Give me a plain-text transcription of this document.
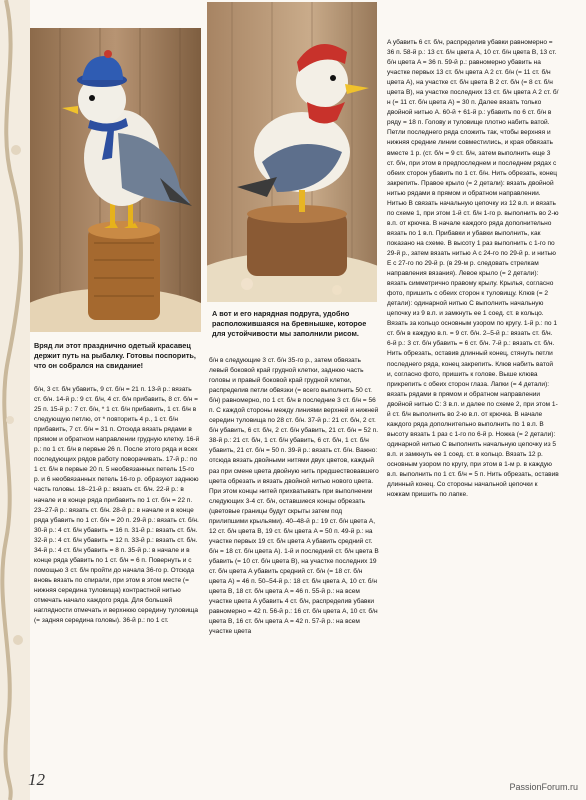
Вряд ли этот празднично одетый красавец держит путь на рыбалку. Готовы поспорить, что он собрался на свидание!
А вот и его нарядная подруга, удобно расположившаяся на бревнышке, которое для устойчивости мы заполнили рисом.
б/н, 3 ст. б/н убавить, 9 ст. б/н = 21 п. 13-й р.: вязать ст. б/н. 14-й р.: 9 ст. б/н, 4 ст. б/н прибавить, 8 ст. б/н = 25 п. 15-й р.: 7 ст. б/н, * 1 ст. б/н прибавить, 1 ст. б/н в следующую петлю, от * повторить 4 р., 1 ст. б/н прибавить, 7 ст. б/н = 31 п. Отсюда вязать рядами в прямом и обратном направлении грудную клетку. 16-й р.: по 1 ст. б/н в первые 26 п. После этого ряда и всех последующих рядов работу поворачивать. 17-й р.: по 1 ст. б/н в первые 20 п. 5 необвязанных петель 15-го р. и 6 необвязанных петель 16-го р. образуют заднюю часть головы. 18–21-й р.: вязать ст. б/н. 22-й р.: в начале и в конце ряда прибавить по 1 ст. б/н = 22 п. 23–27-й р.: вязать ст. б/н. 28-й р.: в начале и в конце ряда убавить по 1 ст. б/н = 20 п. 29-й р.: вязать ст. б/н. 30-й р.: 4 ст. б/н убавить = 16 п. 31-й р.: вязать ст. б/н. 32-й р.: 4 ст. б/н убавить = 12 п. 33-й р.: вязать ст. б/н. 34-й р.: 4 ст. б/н убавить = 8 п. 35-й р.: в начале и в конце ряда убавить по 1 ст. б/н = 6 п. Повернуть и с помощью 3 ст. б/н пройти до начала 36-го р. Отсюда вновь вязать по спирали, при этом в этом месте (= нижняя середина туловища) контрастной нитью отмечать начало каждого ряда. Для большей наглядности отмечать и верхнюю середину туловища (= задняя середина головы). 36-й р.: по 1 ст.
б/н в следующие 3 ст. б/н 35-го р., затем обвязать левый боковой край грудной клетки, заднюю часть головы и правый боковой край грудной клетки, распределив петли обвязки (= всего выполнить 50 ст. б/н) равномерно, по 1 ст. б/н в последние 3 ст. б/н = 56 п. С каждой стороны между линиями верхней и нижней середин туловища по 28 ст. б/н. 37-й р.: 21 ст. б/н, 2 ст. б/н убавить, 6 ст. б/н, 2 ст. б/н убавить, 21 ст. б/н = 52 п. 38-й р.: 21 ст. б/н, 1 ст. б/н убавить, 6 ст. б/н, 1 ст. б/н убавить, 21 ст. б/н = 50 п. 39-й р.: вязать ст. б/н. Важно: отсюда вязать двойными нитями двух цветов, каждый раз при смене цвета двойную нить предшествовавшего цвета обрезать и вязать двойной нитью нового цвета. При этом концы нитей прихватывать при выполнении следующих 3-4 ст. б/н, оставшиеся концы обрезать (цветовые границы будут скрыты затем под прилипшими крыльями). 40–48-й р.: 19 ст. б/н цвета A, 12 ст. б/н цвета B, 19 ст. б/н цвета A = 50 п. 49-й р.: на участке первых 19 ст. б/н цвета A убавить средний ст. б/н = 18 ст. б/н цвета A). 1-й и последний ст. б/н цвета B убавить (= 10 ст. б/н цвета B), на участке последних 19 ст. б/н цвета A убавить средний ст. б/н (= 18 ст. б/н цвета A) = 46 п. 50–54-й р.: 18 ст. б/н цвета A, 10 ст. б/н цвета B, 18 ст. б/н цвета A = 46 п. 55-й р.: на всем участке цвета A убавить 4 ст. б/н, распределив убавки равномерно = 42 п. 56-й р.: 16 ст. б/н цвета A, 10 ст. б/н цвета B, 16 ст. б/н цвета A = 42 п. 57-й р.: на всем участке цвета
A убавить 6 ст. б/н, распределив убавки равномерно = 36 п. 58-й р.: 13 ст. б/н цвета A, 10 ст. б/н цвета B, 13 ст. б/н цвета A = 36 п. 59-й р.: равномерно убавить на участке первых 13 ст. б/н цвета A 2 ст. б/н (= 11 ст. б/н цвета A), на участке ст. б/н цвета B 2 ст. б/н (= 8 ст. б/н цвета B), на участке последних 13 ст. б/н цвета A 2 ст. б/н (= 11 ст. б/н цвета A) = 30 п. Далее вязать только двойной нитью A. 60-й + 61-й р.: убавить по 6 ст. б/н в ряду = 18 п. Голову и туловище плотно набить ватой. Петли последнего ряда сложить так, чтобы верхняя и нижняя средние линии совместились, и края обвязать вместе 1 р. (ст. б/н = 9 ст. б/н, затем выполнить еще 3 ст. б/н, при этом в предпоследнем и последнем рядах с обеих сторон убавить по 1 ст. б/н. Нить обрезать, конец закрепить. Правое крыло (= 2 детали): вязать двойной нитью рядами в прямом и обратном направлении. Нитью B связать начальную цепочку из 12 в.п. и вязать по схеме 1, при этом 1-й ст. б/н 1-го р. выполнить во 2-ю в.п. от крючка. В начале каждого ряда дополнительно вязать по 1 в.п. Прибавки и убавки выполнить, как показано на схеме. В высоту 1 раз выполнить с 1-го по 29-й р., затем вязать нитью A с 24-го по 29-й р. и нитью E с 27-го по 29-й р. (в 29-м р. следовать стрелкам направления вязания). Левое крыло (= 2 детали): вязать симметрично правому крылу. Крылья, согласно фото, пришить с обеих сторон к туловищу. Клюв (= 2 детали): одинарной нитью C выполнить начальную цепочку из 9 в.п. и замкнуть ее 1 соед. ст. в кольцо. Вязать за кольцо основным узором по кругу. 1-й р.: по 1 ст. б/н в каждую в.п. = 9 ст. б/н. 2–5-й р.: вязать ст. б/н. 6-й р.: 3 ст. б/н убавить = 6 ст. б/н. 7-й р.: вязать ст. б/н. Нить обрезать, оставив длинный конец, стянуть петли последнего ряда, конец закрепить. Клюв набить ватой и, согласно фото, пришить к голове. Выше клюва прикрепить с обеих сторон глаза. Лапки (= 4 детали): вязать рядами в прямом и обратном направлении двойной нитью C: 3 в.п. и далее по схеме 2, при этом 1-й ст. б/н выполнить во 2-ю в.п. от крючка. В начале каждого ряда дополнительно выполнить по 1 в.п. В высоту вязать 1 раз с 1-го по 6-й р. Ножка (= 2 детали): одинарной нитью C выполнить начальную цепочку из 5 в.п. и замкнуть ее 1 соед. ст. в кольцо. Вязать 12 р. основным узором по кругу, при этом в 1-м р. в каждую в.п. выполнить по 1 ст. б/н = 5 п. Нить обрезать, оставив длинный конец. Со стороны начальной цепочки к ножкам пришить по лапке.
12	PassionForum.ru
